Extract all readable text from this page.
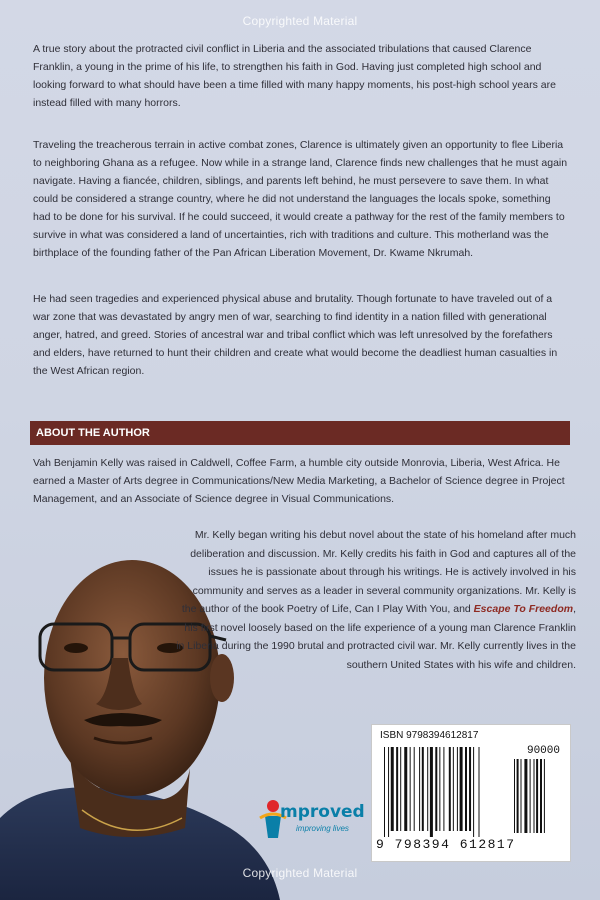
Copyrighted Material

A true story about the protracted civil conflict in Liberia and the associated tribulations that caused Clarence Franklin, a young in the prime of his life, to strengthen his faith in God. Having just completed high school and looking forward to what should have been a time filled with many happy moments, his post-high school years are instead filled with many horrors.

Traveling the treacherous terrain in active combat zones, Clarence is ultimately given an opportunity to flee Liberia to neighboring Ghana as a refugee. Now while in a strange land, Clarence finds new challenges that he must again navigate. Having a fiancée, children, siblings, and parents left behind, he must persevere to save them. In what could be considered a strange country, where he did not understand the languages the locals spoke, something had to be done for his survival. If he could succeed, it would create a pathway for the rest of the family members to survive in what was considered a land of uncertainties, rich with traditions and culture. This motherland was the birthplace of the founding father of the Pan African Liberation Movement, Dr. Kwame Nkrumah.

He had seen tragedies and experienced physical abuse and brutality. Though fortunate to have traveled out of a war zone that was devastated by angry men of war, searching to find identity in a nation filled with generational anger, hatred, and greed. Stories of ancestral war and tribal conflict which was left unresolved by the forefathers and elders, have returned to hunt their children and create what would become the deadliest human casualties in the West African region.

ABOUT THE AUTHOR

Vah Benjamin Kelly was raised in Caldwell, Coffee Farm, a humble city outside Monrovia, Liberia, West Africa. He earned a Master of Arts degree in Communications/New Media Marketing, a Bachelor of Science degree in Project Management, and an Associate of Science degree in Visual Communications.

Mr. Kelly began writing his debut novel about the state of his homeland after much deliberation and discussion. Mr. Kelly credits his faith in God and captures all of the issues he is passionate about through his writings. He is actively involved in his community and serves as a leader in several community organizations. Mr. Kelly is the author of the book Poetry of Life, Can I Play With You, and Escape To Freedom, his first novel loosely based on the life experience of a young man Clarence Franklin in Liberia during the 1990 brutal and protracted civil war. Mr. Kelly currently lives in the southern United States with his wife and children.

mproved
improving lives
ISBN 9798394612817
90000
9 798394 612817
Copyrighted Material
